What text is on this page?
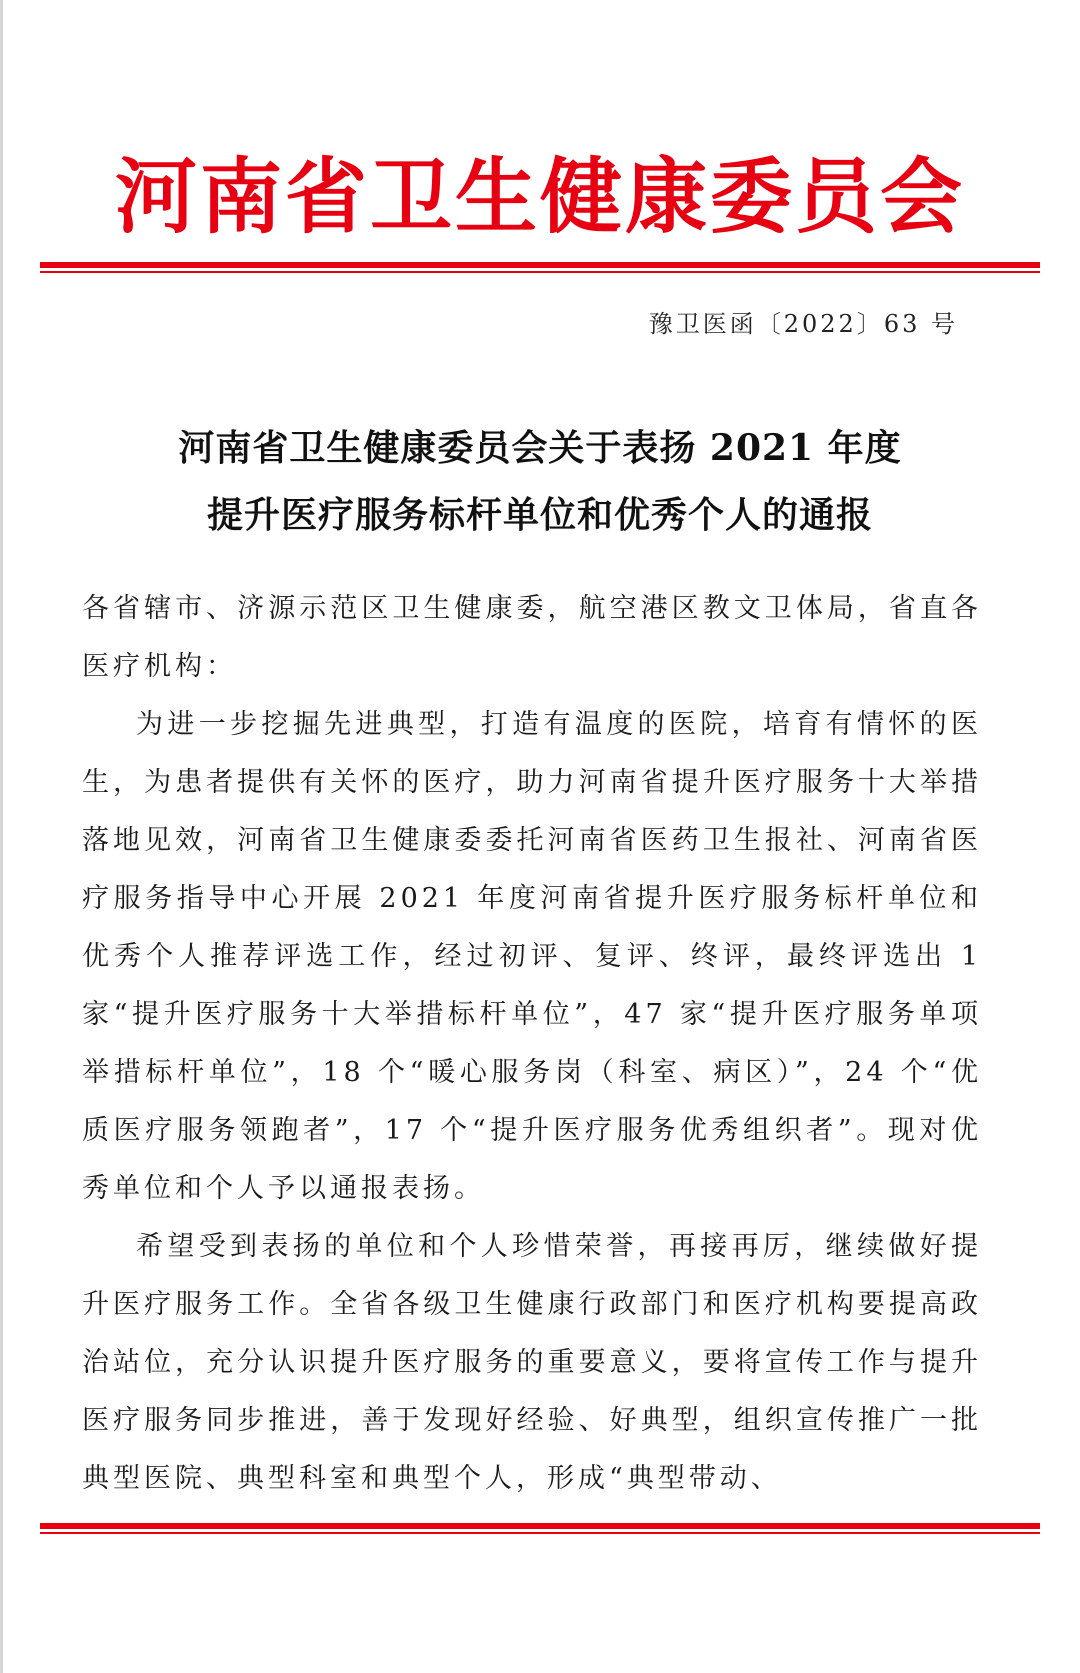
河南省卫生健康委员会
豫卫医函〔2022〕63 号
河南省卫生健康委员会关于表扬 2021 年度
提升医疗服务标杆单位和优秀个人的通报

各省辖市、济源示范区卫生健康委，航空港区教文卫体局，省直各医疗机构：

为进一步挖掘先进典型，打造有温度的医院，培育有情怀的医生，为患者提供有关怀的医疗，助力河南省提升医疗服务十大举措落地见效，河南省卫生健康委委托河南省医药卫生报社、河南省医疗服务指导中心开展 2021 年度河南省提升医疗服务标杆单位和优秀个人推荐评选工作，经过初评、复评、终评，最终评选出 1 家“提升医疗服务十大举措标杆单位”，47 家“提升医疗服务单项举措标杆单位”，18 个“暖心服务岗（科室、病区）”，24 个“优质医疗服务领跑者”，17 个“提升医疗服务优秀组织者”。现对优秀单位和个人予以通报表扬。

希望受到表扬的单位和个人珍惜荣誉，再接再厉，继续做好提升医疗服务工作。全省各级卫生健康行政部门和医疗机构要提高政治站位，充分认识提升医疗服务的重要意义，要将宣传工作与提升医疗服务同步推进，善于发现好经验、好典型，组织宣传推广一批典型医院、典型科室和典型个人，形成“典型带动、
